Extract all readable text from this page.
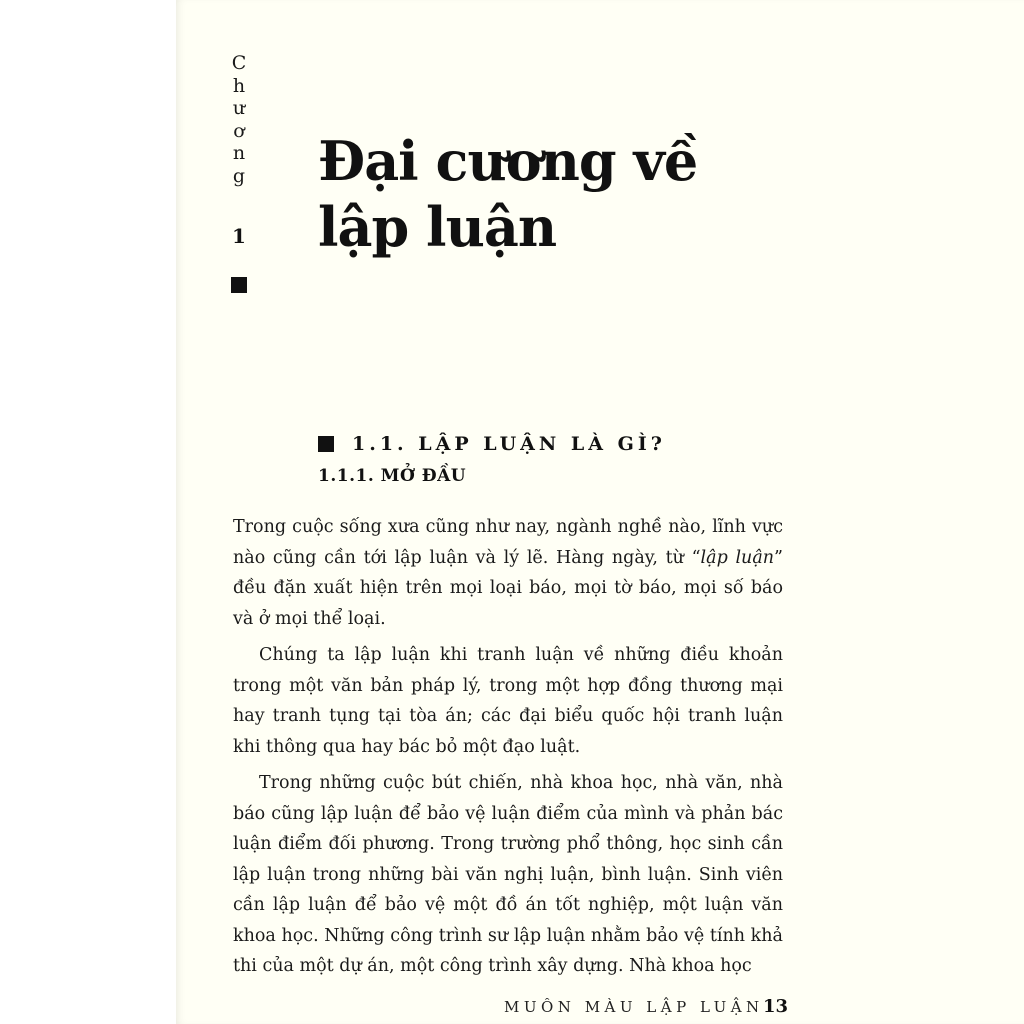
C
h
ư
ơ
n
g
1
Đại cương về lập luận
1.1. LẬP LUẬN LÀ GÌ?
1.1.1. MỞ ĐẦU

Trong cuộc sống xưa cũng như nay, ngành nghề nào, lĩnh vực nào cũng cần tới lập luận và lý lẽ. Hàng ngày, từ “lập luận” đều đặn xuất hiện trên mọi loại báo, mọi tờ báo, mọi số báo và ở mọi thể loại.

Chúng ta lập luận khi tranh luận về những điều khoản trong một văn bản pháp lý, trong một hợp đồng thương mại hay tranh tụng tại tòa án; các đại biểu quốc hội tranh luận khi thông qua hay bác bỏ một đạo luật.

Trong những cuộc bút chiến, nhà khoa học, nhà văn, nhà báo cũng lập luận để bảo vệ luận điểm của mình và phản bác luận điểm đối phương. Trong trường phổ thông, học sinh cần lập luận trong những bài văn nghị luận, bình luận. Sinh viên cần lập luận để bảo vệ một đồ án tốt nghiệp, một luận văn khoa học. Những công trình sư lập luận nhằm bảo vệ tính khả thi của một dự án, một công trình xây dựng. Nhà khoa học

MUÔN MÀU LẬP LUẬN 13
